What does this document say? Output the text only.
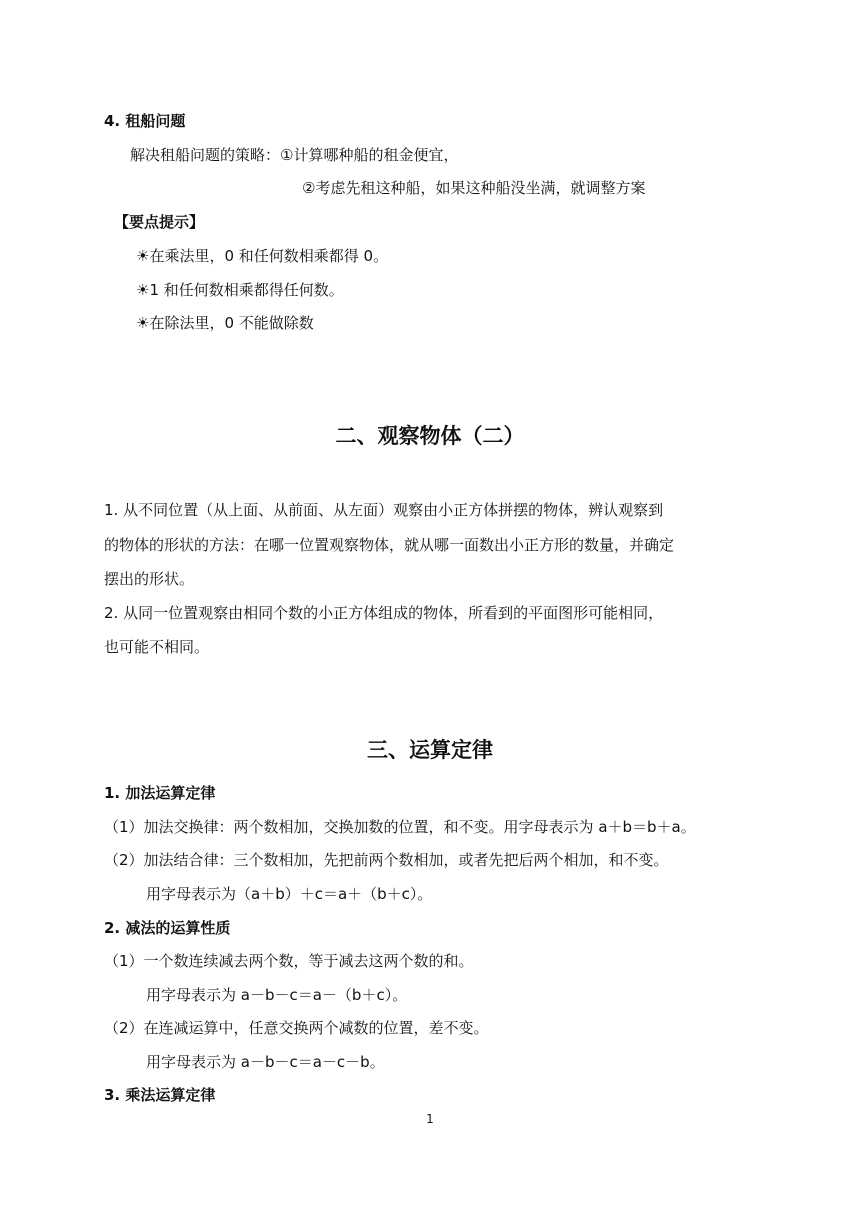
4. 租船问题
解决租船问题的策略：①计算哪种船的租金便宜，
②考虑先租这种船，如果这种船没坐满，就调整方案
【要点提示】
☀在乘法里，0 和任何数相乘都得 0。
☀1 和任何数相乘都得任何数。
☀在除法里，0 不能做除数
二、观察物体（二）
1. 从不同位置（从上面、从前面、从左面）观察由小正方体拼摆的物体，辨认观察到
的物体的形状的方法：在哪一位置观察物体，就从哪一面数出小正方形的数量，并确定
摆出的形状。
2. 从同一位置观察由相同个数的小正方体组成的物体，所看到的平面图形可能相同，
也可能不相同。
三、运算定律
1. 加法运算定律
（1）加法交换律：两个数相加，交换加数的位置，和不变。用字母表示为 a＋b＝b＋a。
（2）加法结合律：三个数相加，先把前两个数相加，或者先把后两个相加，和不变。
用字母表示为（a＋b）＋c＝a＋（b＋c）。
2. 减法的运算性质
（1）一个数连续减去两个数，等于减去这两个数的和。
用字母表示为 a－b－c＝a－（b＋c）。
（2）在连减运算中，任意交换两个减数的位置，差不变。
用字母表示为 a－b－c＝a－c－b。
3. 乘法运算定律
1
